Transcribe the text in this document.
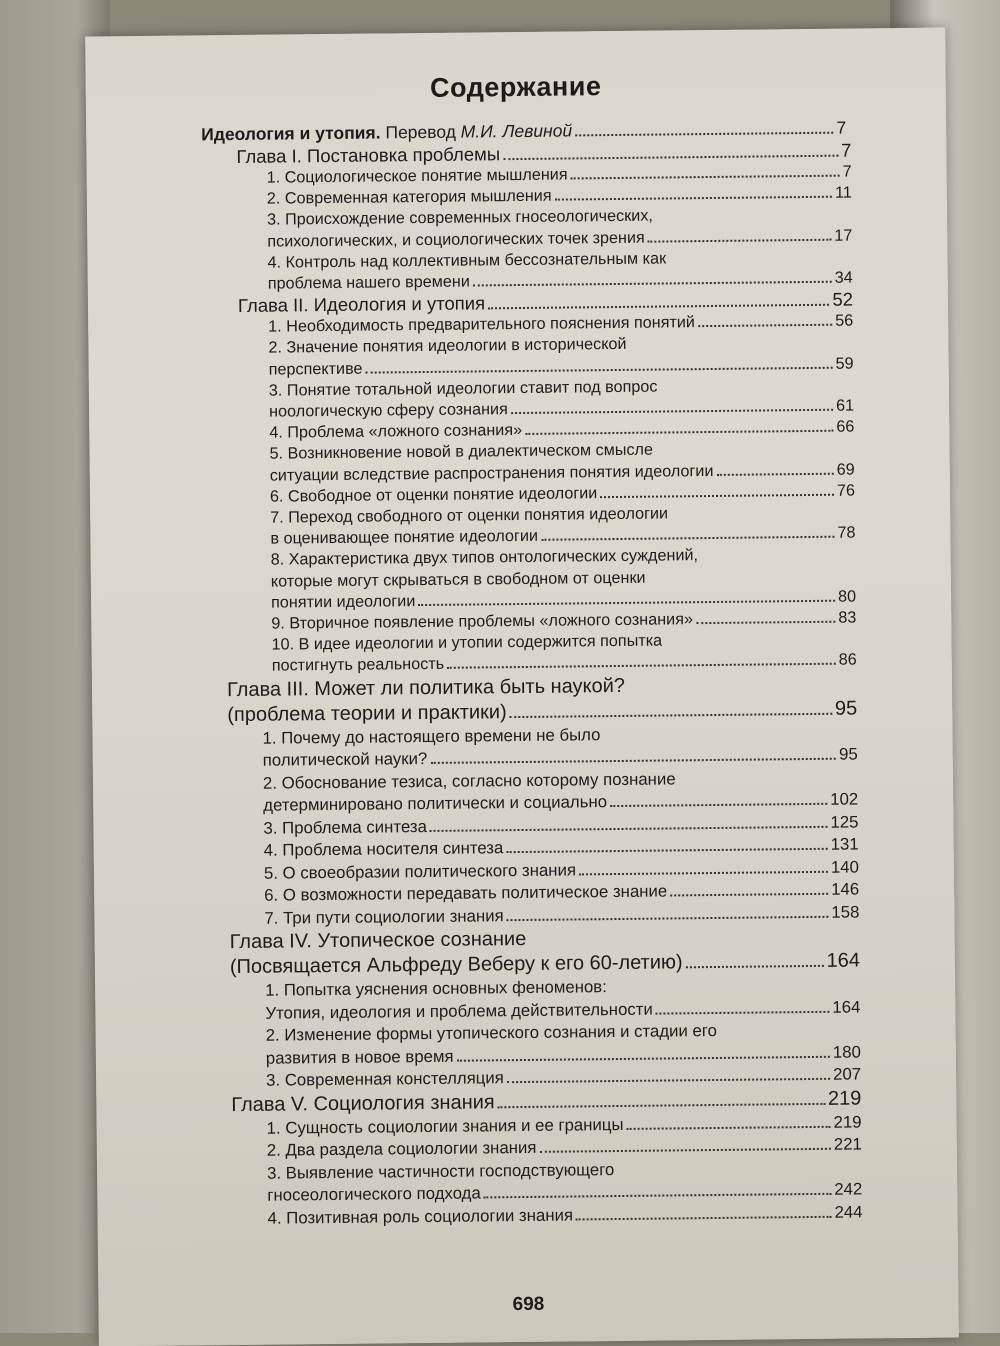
Содержание
Идеология и утопия. Перевод М.И. Левиной	7
Глава I. Постановка проблемы	7
1. Социологическое понятие мышления	7
2. Современная категория мышления	11
3. Происхождение современных гносеологических,
психологических, и социологических точек зрения	17
4. Контроль над коллективным бессознательным как
проблема нашего времени	34
Глава II. Идеология и утопия	52
1. Необходимость предварительного пояснения понятий	56
2. Значение понятия идеологии в исторической
перспективе	59
3. Понятие тотальной идеологии ставит под вопрос
ноологическую сферу сознания	61
4. Проблема «ложного сознания»	66
5. Возникновение новой в диалектическом смысле
ситуации вследствие распространения понятия идеологии	69
6. Свободное от оценки понятие идеологии	76
7. Переход свободного от оценки понятия идеологии
в оценивающее понятие идеологии	78
8. Характеристика двух типов онтологических суждений,
которые могут скрываться в свободном от оценки
понятии идеологии	80
9. Вторичное появление проблемы «ложного сознания»	83
10. В идее идеологии и утопии содержится попытка
постигнуть реальность	86
Глава III. Может ли политика быть наукой?
(проблема теории и практики)	95
1. Почему до настоящего времени не было
политической науки?	95
2. Обоснование тезиса, согласно которому познание
детерминировано политически и социально	102
3. Проблема синтеза	125
4. Проблема носителя синтеза	131
5. О своеобразии политического знания	140
6. О возможности передавать политическое знание	146
7. Три пути социологии знания	158
Глава IV. Утопическое сознание
(Посвящается Альфреду Веберу к его 60-летию)	164
1. Попытка уяснения основных феноменов:
Утопия, идеология и проблема действительности	164
2. Изменение формы утопического сознания и стадии его
развития в новое время	180
3. Современная констелляция	207
Глава V. Социология знания	219
1. Сущность социологии знания и ее границы	219
2. Два раздела социологии знания	221
3. Выявление частичности господствующего
гносеологического подхода	242
4. Позитивная роль социологии знания	244
698
